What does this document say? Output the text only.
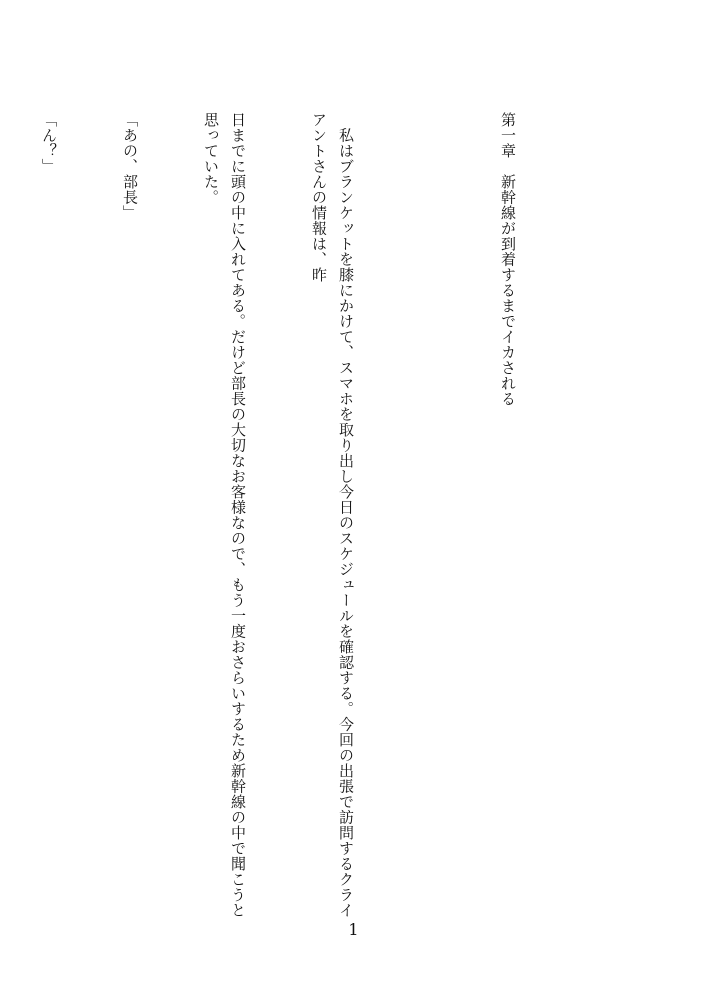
第一章　新幹線が到着するまでイカされる

　私はブランケットを膝にかけて、スマホを取り出し今日のスケジュールを確認する。今回の出張で訪問するクライアントさんの情報は、昨

日までに頭の中に入れてある。だけど部長の大切なお客様なので、もう一度おさらいするため新幹線の中で聞こうと思っていた。

「あの、部長」

「ん？」

1
